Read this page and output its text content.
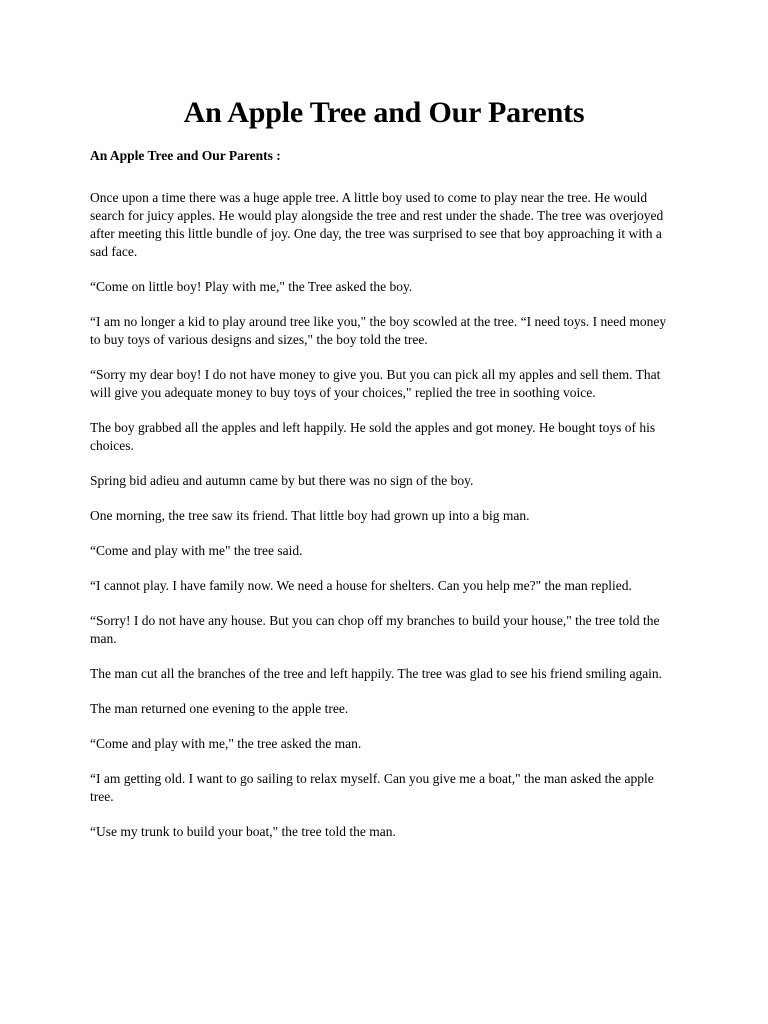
An Apple Tree and Our Parents
An Apple Tree and Our Parents :

Once upon a time there was a huge apple tree. A little boy used to come to play near the tree. He would search for juicy apples. He would play alongside the tree and rest under the shade. The tree was overjoyed after meeting this little bundle of joy. One day, the tree was surprised to see that boy approaching it with a sad face.

“Come on little boy! Play with me," the Tree asked the boy.

“I am no longer a kid to play around tree like you," the boy scowled at the tree. “I need toys. I need money to buy toys of various designs and sizes," the boy told the tree.

“Sorry my dear boy! I do not have money to give you. But you can pick all my apples and sell them. That will give you adequate money to buy toys of your choices," replied the tree in soothing voice.

The boy grabbed all the apples and left happily. He sold the apples and got money. He bought toys of his choices.

Spring bid adieu and autumn came by but there was no sign of the boy.

One morning, the tree saw its friend. That little boy had grown up into a big man.

“Come and play with me" the tree said.

“I cannot play. I have family now. We need a house for shelters. Can you help me?" the man replied.

“Sorry! I do not have any house. But you can chop off my branches to build your house," the tree told the man.

The man cut all the branches of the tree and left happily. The tree was glad to see his friend smiling again.

The man returned one evening to the apple tree.

“Come and play with me," the tree asked the man.

“I am getting old. I want to go sailing to relax myself. Can you give me a boat," the man asked the apple tree.

“Use my trunk to build your boat," the tree told the man.
